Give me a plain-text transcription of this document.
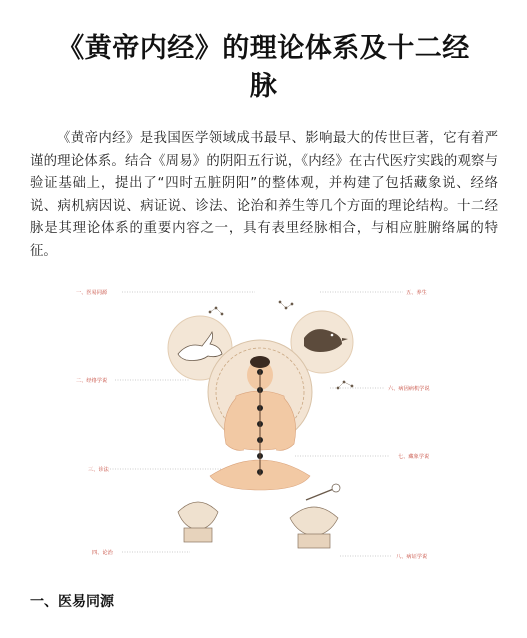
《黄帝内经》的理论体系及十二经
脉

《黄帝内经》是我国医学领域成书最早、影响最大的传世巨著，它有着严谨的理论体系。结合《周易》的阴阳五行说，《内经》在古代医疗实践的观察与验证基础上，提出了“四时五脏阴阳”的整体观，并构建了包括藏象说、经络说、病机病因说、病证说、诊法、论治和养生等几个方面的理论结构。十二经脉是其理论体系的重要内容之一，具有表里经脉相合，与相应脏腑络属的特征。

一、医易同源	五、养生
二、经络学说
六、病因病机学说
七、藏象学说
三、诊法
四、论治
八、病证学说
一、医易同源
